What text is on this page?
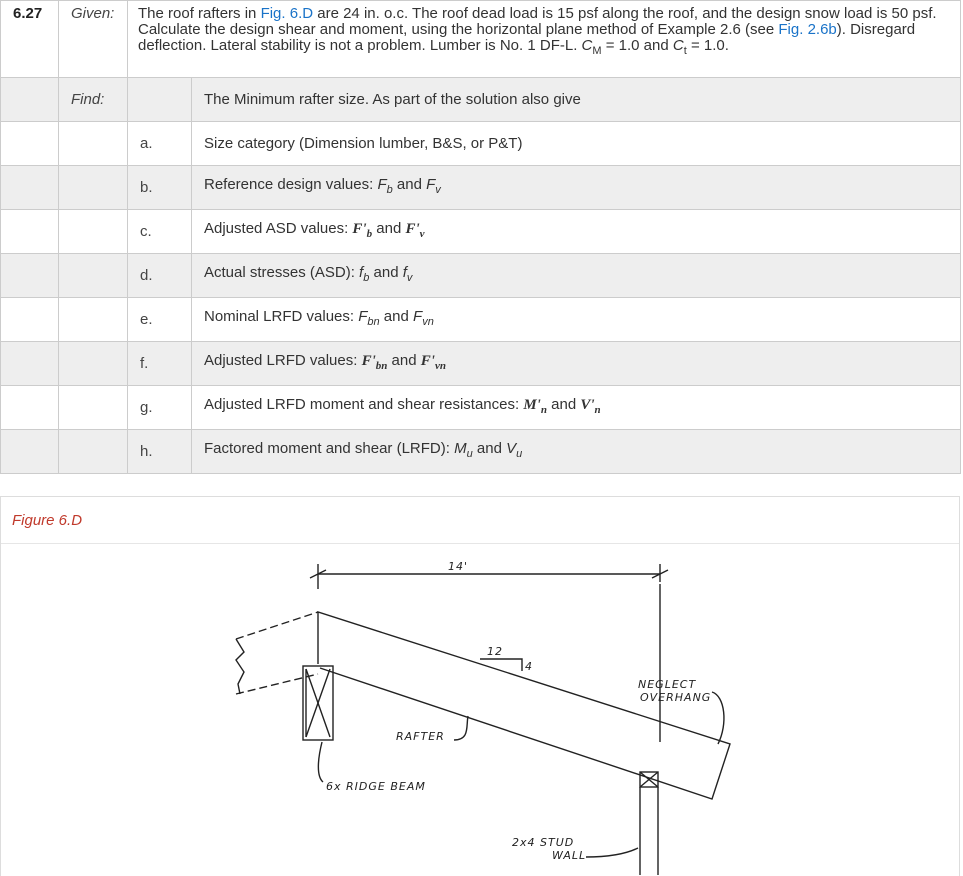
6.27	Given:	The roof rafters in Fig. 6.D are 24 in. o.c. The roof dead load is 15 psf along the roof, and the design snow load is 50 psf. Calculate the design shear and moment, using the horizontal plane method of Example 2.6 (see Fig. 2.6b). Disregard deflection. Lateral stability is not a problem. Lumber is No. 1 DF-L. $C_M = 1.0$ and $C_t = 1.0$.	
	Find:		The Minimum rafter size. As part of the solution also give
		a.	Size category (Dimension lumber, B&S, or P&T)
		b.	Reference design values: $F_b$ and $F_v$
		c.	Adjusted ASD values: $F'_b$ and $F'_v$
		d.	Actual stresses (ASD): $f_b$ and $f_v$
		e.	Nominal LRFD values: $F_{bn}$ and $F_{vn}$
		f.	Adjusted LRFD values: $F'_{bn}$ and $F'_{vn}$
		g.	Adjusted LRFD moment and shear resistances: $M'_n$ and $V'_n$
		h.	Factored moment and shear (LRFD): $M_u$ and $V_u$
Figure 6.D
14'
12
4
RAFTER
6x RIDGE BEAM
NEGLECT
OVERHANG
2x4 STUD
WALL
